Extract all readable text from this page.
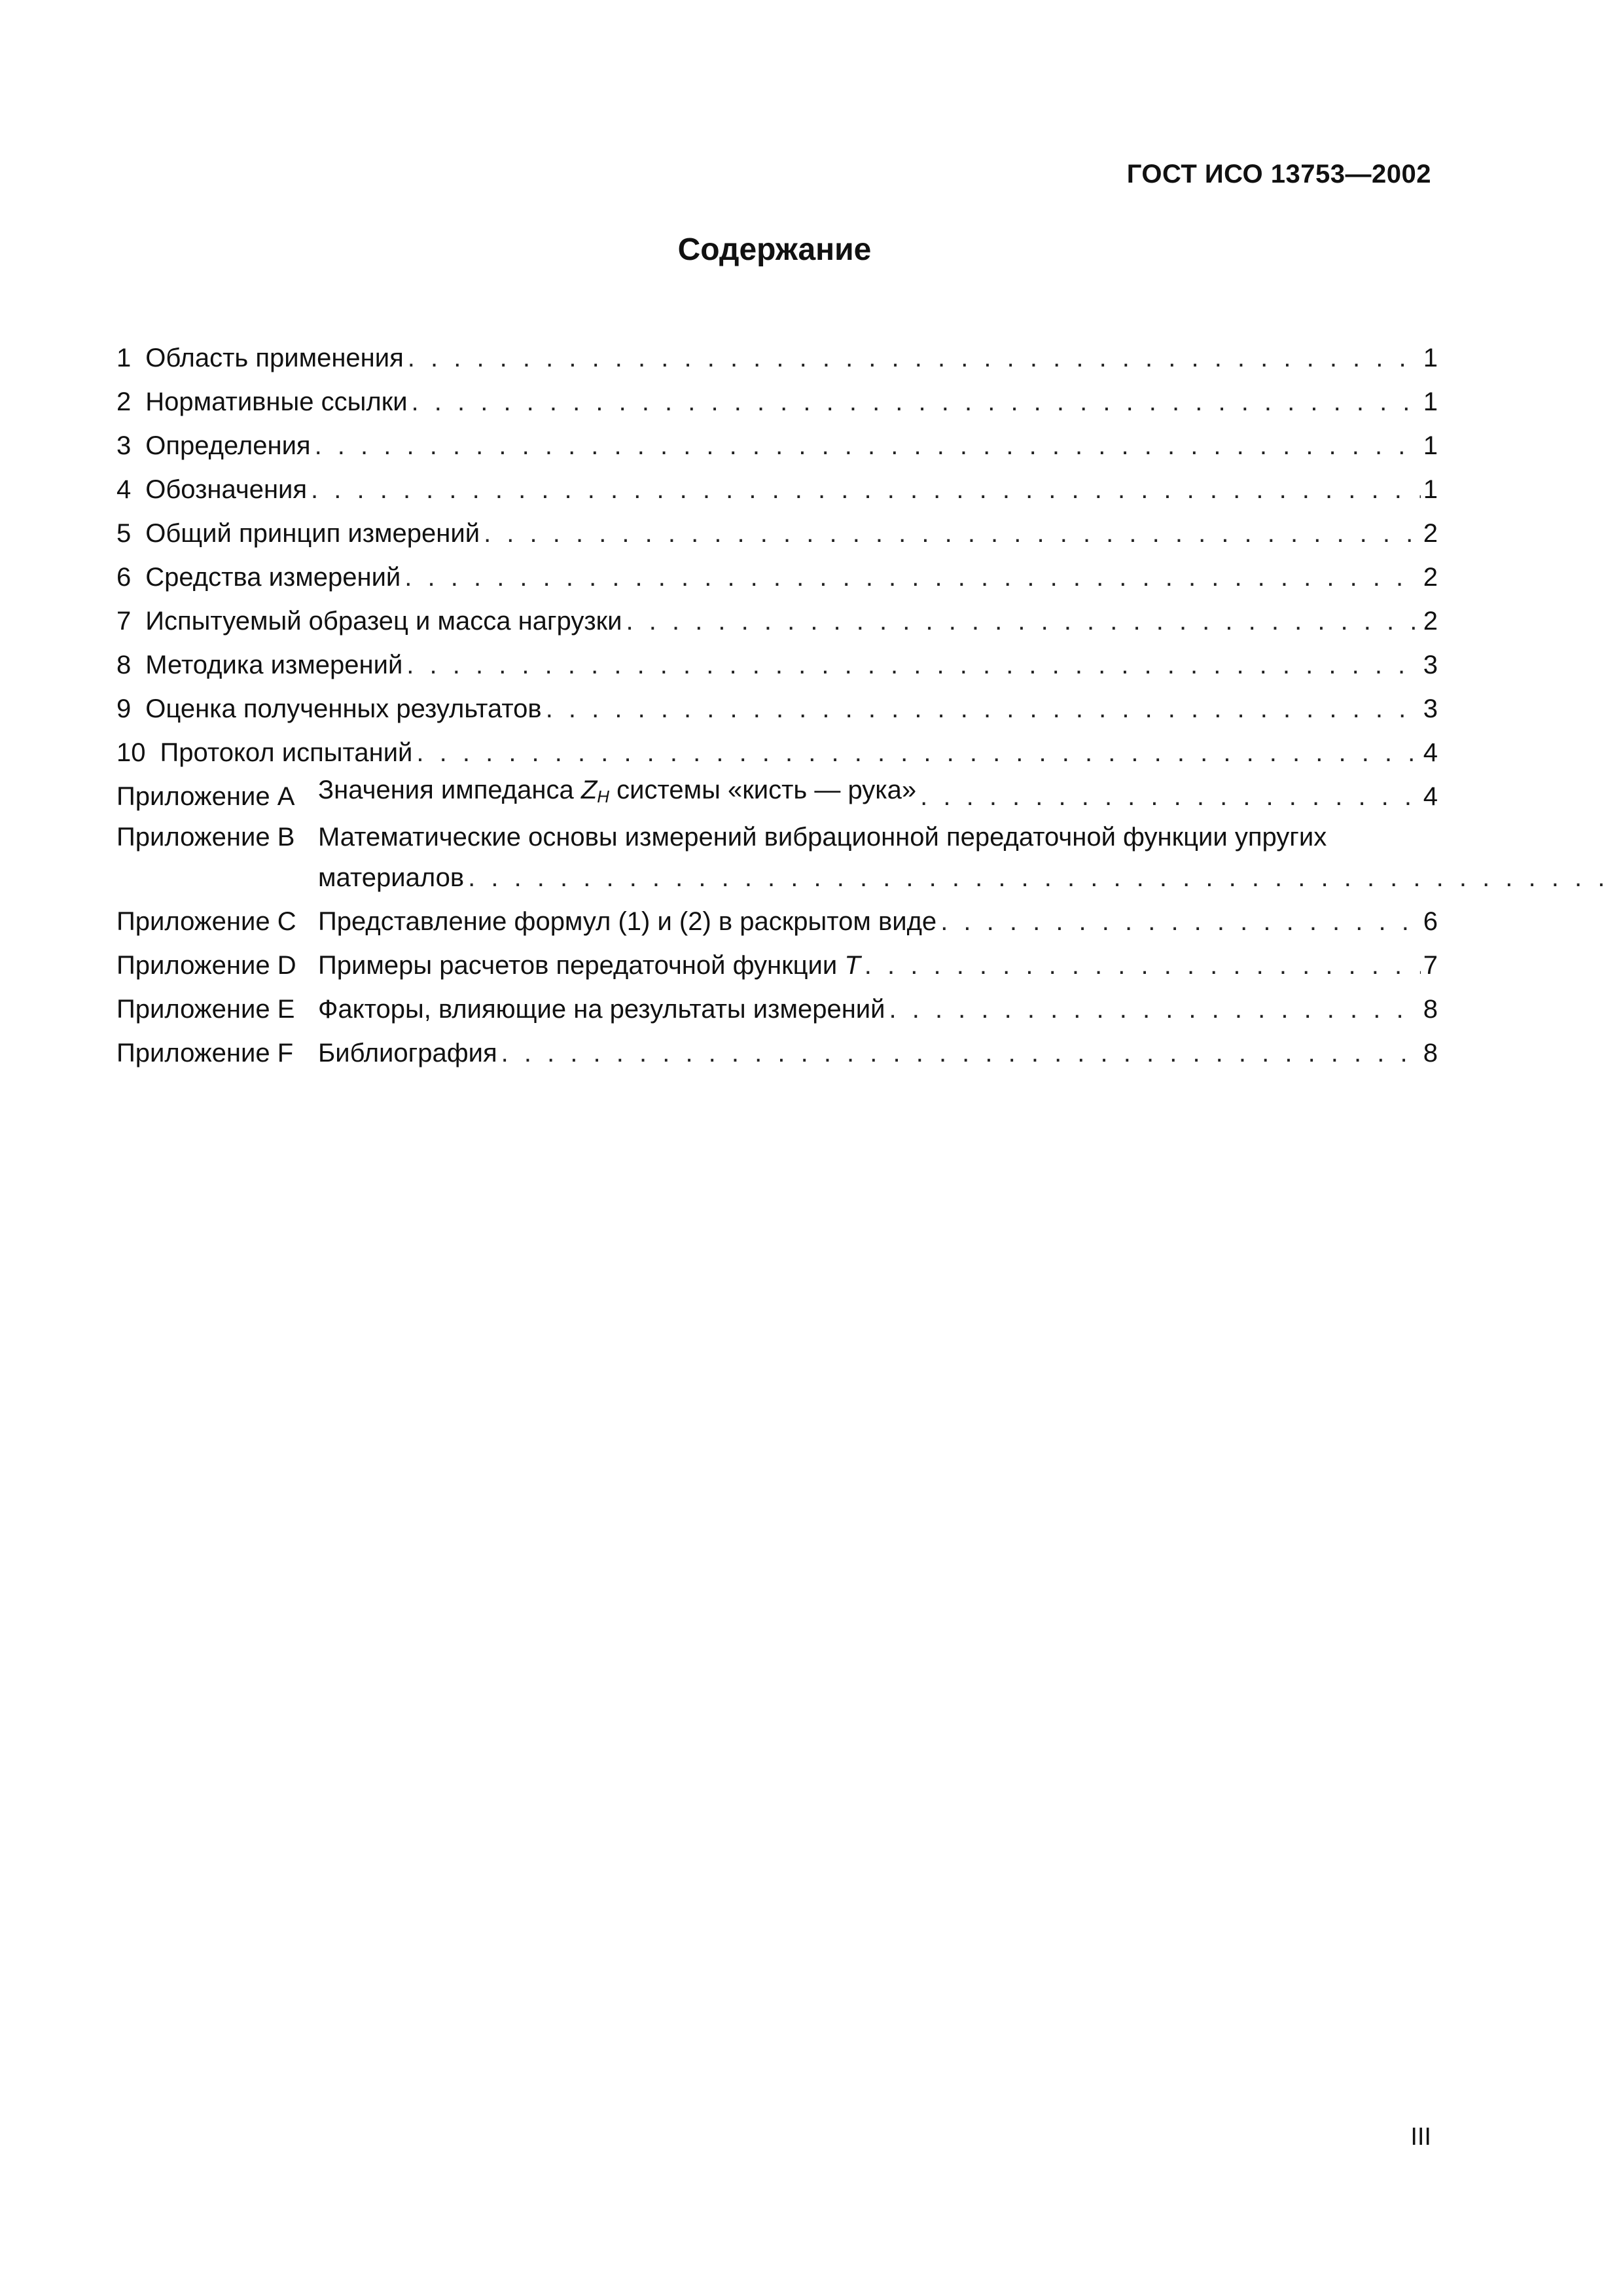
ГОСТ ИСО 13753—2002
Содержание
1 Область применения . . .	1
2 Нормативные ссылки . . .	1
3 Определения . . .	1
4 Обозначения . . .	1
5 Общий принцип измерений . . .	2
6 Средства измерений . . .	2
7 Испытуемый образец и масса нагрузки . . .	2
8 Методика измерений . . .	3
9 Оценка полученных результатов . . .	3
10 Протокол испытаний . . .	4
Приложение A Значения импеданса $Z_H$ системы «кисть — рука» . . .	4
Приложение B Математические основы измерений вибрационной передаточной функции упругих
материалов
. . .
Приложение C Представление формул (1) и (2) в раскрытом виде . . .	6
Приложение D Примеры расчетов передаточной функции T . . .	7
Приложение E Факторы, влияющие на результаты измерений . . .	8
Приложение F Библиография . . .	8
III
